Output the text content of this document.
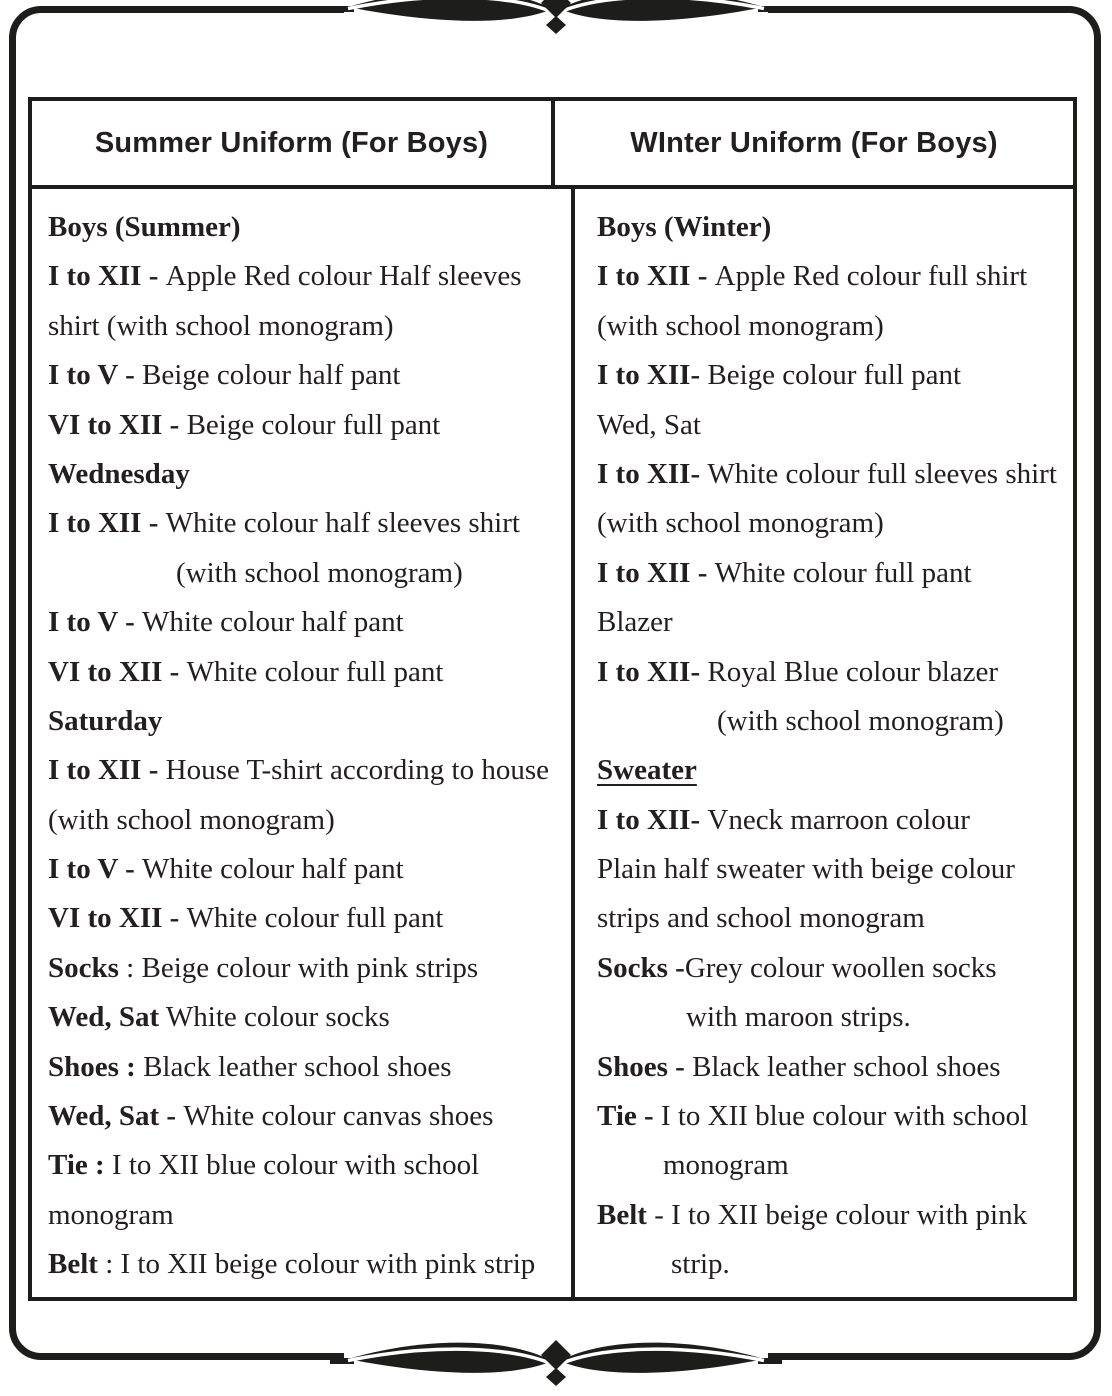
Summer Uniform (For Boys)	WInter Uniform (For Boys)
Boys (Summer)
I to XII - Apple Red colour Half sleeves
shirt (with school monogram)
I to V - Beige colour half pant
VI to XII - Beige colour full pant
Wednesday
I to XII - White colour half sleeves shirt
(with school monogram)
I to V - White colour half pant
VI to XII - White colour full pant
Saturday
I to XII - House T-shirt according to house
(with school monogram)
I to V - White colour half pant
VI to XII - White colour full pant
Socks : Beige colour with pink strips
Wed, Sat White colour socks
Shoes : Black leather school shoes
Wed, Sat - White colour canvas shoes
Tie : I to XII blue colour with school
monogram
Belt : I to XII beige colour with pink strip
Boys (Winter)
I to XII - Apple Red colour full shirt
(with school monogram)
I to XII- Beige colour full pant
Wed, Sat
I to XII- White colour full sleeves shirt
(with school monogram)
I to XII - White colour full pant
Blazer
I to XII- Royal Blue colour blazer
(with school monogram)
Sweater
I to XII- Vneck marroon colour
Plain half sweater with beige colour
strips and school monogram
Socks -Grey colour woollen socks
with maroon strips.
Shoes - Black leather school shoes
Tie - I to XII blue colour with school
monogram
Belt - I to XII beige colour with pink
strip.
